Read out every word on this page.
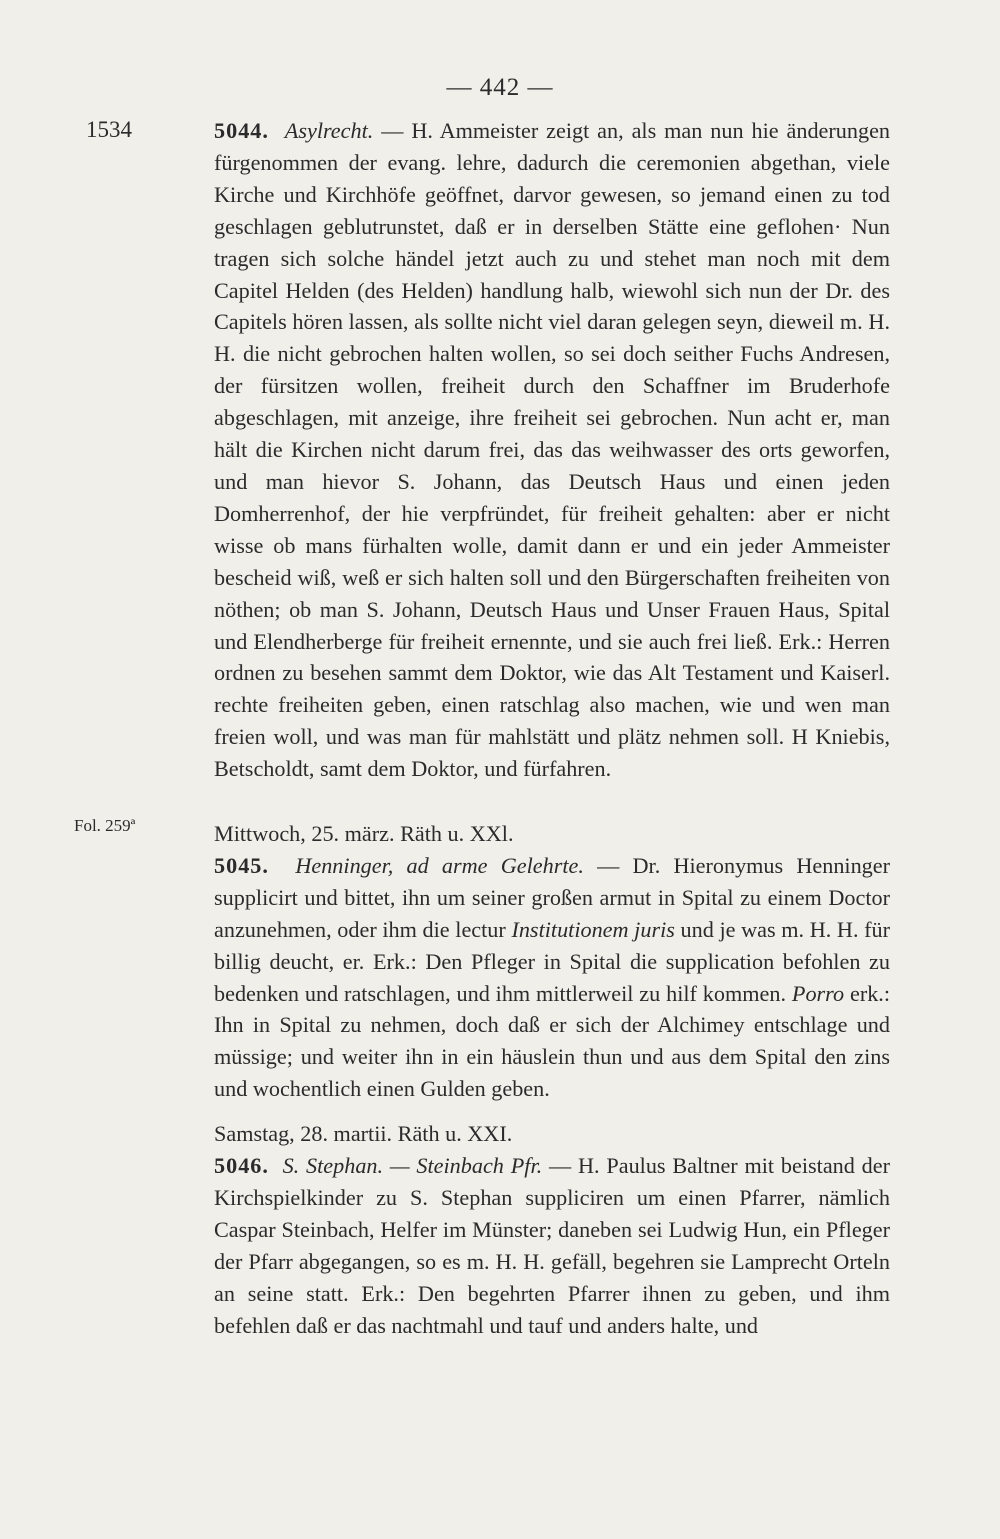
— 442 —
1534
Fol. 259ª

5044. Asylrecht. — H. Ammeister zeigt an, als man nun hie änderungen fürgenommen der evang. lehre, dadurch die ceremonien abgethan, viele Kirche und Kirchhöfe geöffnet, darvor gewesen, so jemand einen zu tod geschlagen geblutrunstet, daß er in derselben Stätte eine geflohen· Nun tragen sich solche händel jetzt auch zu und stehet man noch mit dem Capitel Helden (des Helden) handlung halb, wiewohl sich nun der Dr. des Capitels hören lassen, als sollte nicht viel daran gelegen seyn, dieweil m. H. H. die nicht gebrochen halten wollen, so sei doch seither Fuchs Andresen, der fürsitzen wollen, freiheit durch den Schaffner im Bruderhofe abgeschlagen, mit anzeige, ihre freiheit sei gebrochen. Nun acht er, man hält die Kirchen nicht darum frei, das das weihwasser des orts geworfen, und man hievor S. Johann, das Deutsch Haus und einen jeden Domherrenhof, der hie verpfründet, für freiheit gehalten: aber er nicht wisse ob mans fürhalten wolle, damit dann er und ein jeder Ammeister bescheid wiß, weß er sich halten soll und den Bürgerschaften freiheiten von nöthen; ob man S. Johann, Deutsch Haus und Unser Frauen Haus, Spital und Elendherberge für freiheit ernennte, und sie auch frei ließ. Erk.: Herren ordnen zu besehen sammt dem Doktor, wie das Alt Testament und Kaiserl. rechte freiheiten geben, einen ratschlag also machen, wie und wen man freien woll, und was man für mahlstätt und plätz nehmen soll. H Kniebis, Betscholdt, samt dem Doktor, und fürfahren.

Mittwoch, 25. märz. Räth u. XXl.

5045. Henninger, ad arme Gelehrte. — Dr. Hieronymus Henninger supplicirt und bittet, ihn um seiner großen armut in Spital zu einem Doctor anzunehmen, oder ihm die lectur Institutionem juris und je was m. H. H. für billig deucht, er. Erk.: Den Pfleger in Spital die supplication befohlen zu bedenken und ratschlagen, und ihm mittlerweil zu hilf kommen. Porro erk.: Ihn in Spital zu nehmen, doch daß er sich der Alchimey entschlage und müssige; und weiter ihn in ein häuslein thun und aus dem Spital den zins und wochentlich einen Gulden geben.

Samstag, 28. martii. Räth u. XXI.

5046. S. Stephan. — Steinbach Pfr. — H. Paulus Baltner mit beistand der Kirchspielkinder zu S. Stephan suppliciren um einen Pfarrer, nämlich Caspar Steinbach, Helfer im Münster; daneben sei Ludwig Hun, ein Pfleger der Pfarr abgegangen, so es m. H. H. gefäll, begehren sie Lamprecht Orteln an seine statt. Erk.: Den begehrten Pfarrer ihnen zu geben, und ihm befehlen daß er das nachtmahl und tauf und anders halte, und
